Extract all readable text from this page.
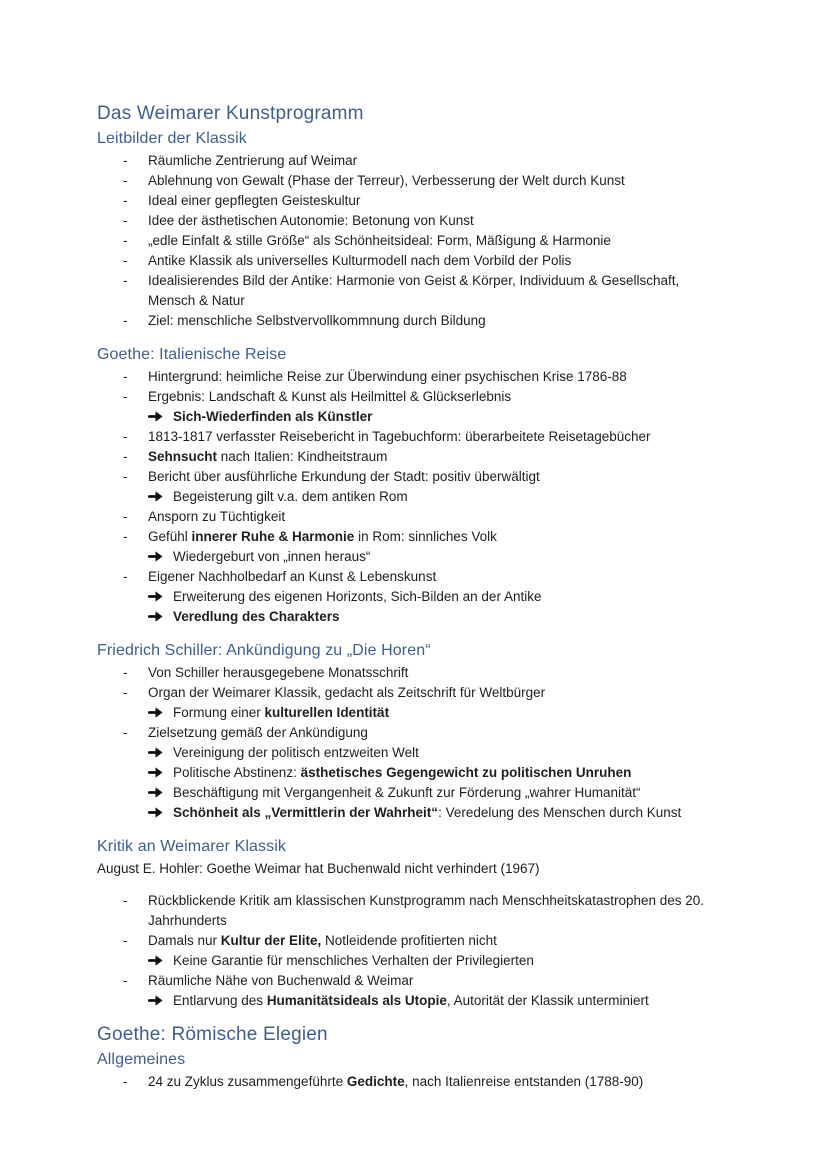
Das Weimarer Kunstprogramm
Leitbilder der Klassik
-	Räumliche Zentrierung auf Weimar
-	Ablehnung von Gewalt (Phase der Terreur), Verbesserung der Welt durch Kunst
-	Ideal einer gepflegten Geisteskultur
-	Idee der ästhetischen Autonomie: Betonung von Kunst
-	„edle Einfalt & stille Größe“ als Schönheitsideal: Form, Mäßigung & Harmonie
-	Antike Klassik als universelles Kulturmodell nach dem Vorbild der Polis
-	Idealisierendes Bild der Antike: Harmonie von Geist & Körper, Individuum & Gesellschaft,
Mensch & Natur
-	Ziel: menschliche Selbstvervollkommnung durch Bildung
Goethe: Italienische Reise
-	Hintergrund: heimliche Reise zur Überwindung einer psychischen Krise 1786-88
-	Ergebnis: Landschaft & Kunst als Heilmittel & Glückserlebnis
Sich-Wiederfinden als Künstler
-	1813-1817 verfasster Reisebericht in Tagebuchform: überarbeitete Reisetagebücher
-	Sehnsucht nach Italien: Kindheitstraum
-	Bericht über ausführliche Erkundung der Stadt: positiv überwältigt
Begeisterung gilt v.a. dem antiken Rom
-	Ansporn zu Tüchtigkeit
-	Gefühl innerer Ruhe & Harmonie in Rom: sinnliches Volk
Wiedergeburt von „innen heraus“
-	Eigener Nachholbedarf an Kunst & Lebenskunst
Erweiterung des eigenen Horizonts, Sich-Bilden an der Antike
Veredlung des Charakters
Friedrich Schiller: Ankündigung zu „Die Horen“
-	Von Schiller herausgegebene Monatsschrift
-	Organ der Weimarer Klassik, gedacht als Zeitschrift für Weltbürger
Formung einer kulturellen Identität
-	Zielsetzung gemäß der Ankündigung
Vereinigung der politisch entzweiten Welt
Politische Abstinenz: ästhetisches Gegengewicht zu politischen Unruhen
Beschäftigung mit Vergangenheit & Zukunft zur Förderung „wahrer Humanität“
Schönheit als „Vermittlerin der Wahrheit“: Veredelung des Menschen durch Kunst
Kritik an Weimarer Klassik
August E. Hohler: Goethe Weimar hat Buchenwald nicht verhindert (1967)
-	Rückblickende Kritik am klassischen Kunstprogramm nach Menschheitskatastrophen des 20.
Jahrhunderts
-	Damals nur Kultur der Elite, Notleidende profitierten nicht
Keine Garantie für menschliches Verhalten der Privilegierten
-	Räumliche Nähe von Buchenwald & Weimar
Entlarvung des Humanitätsideals als Utopie, Autorität der Klassik unterminiert
Goethe: Römische Elegien
Allgemeines
-	24 zu Zyklus zusammengeführte Gedichte, nach Italienreise entstanden (1788-90)
